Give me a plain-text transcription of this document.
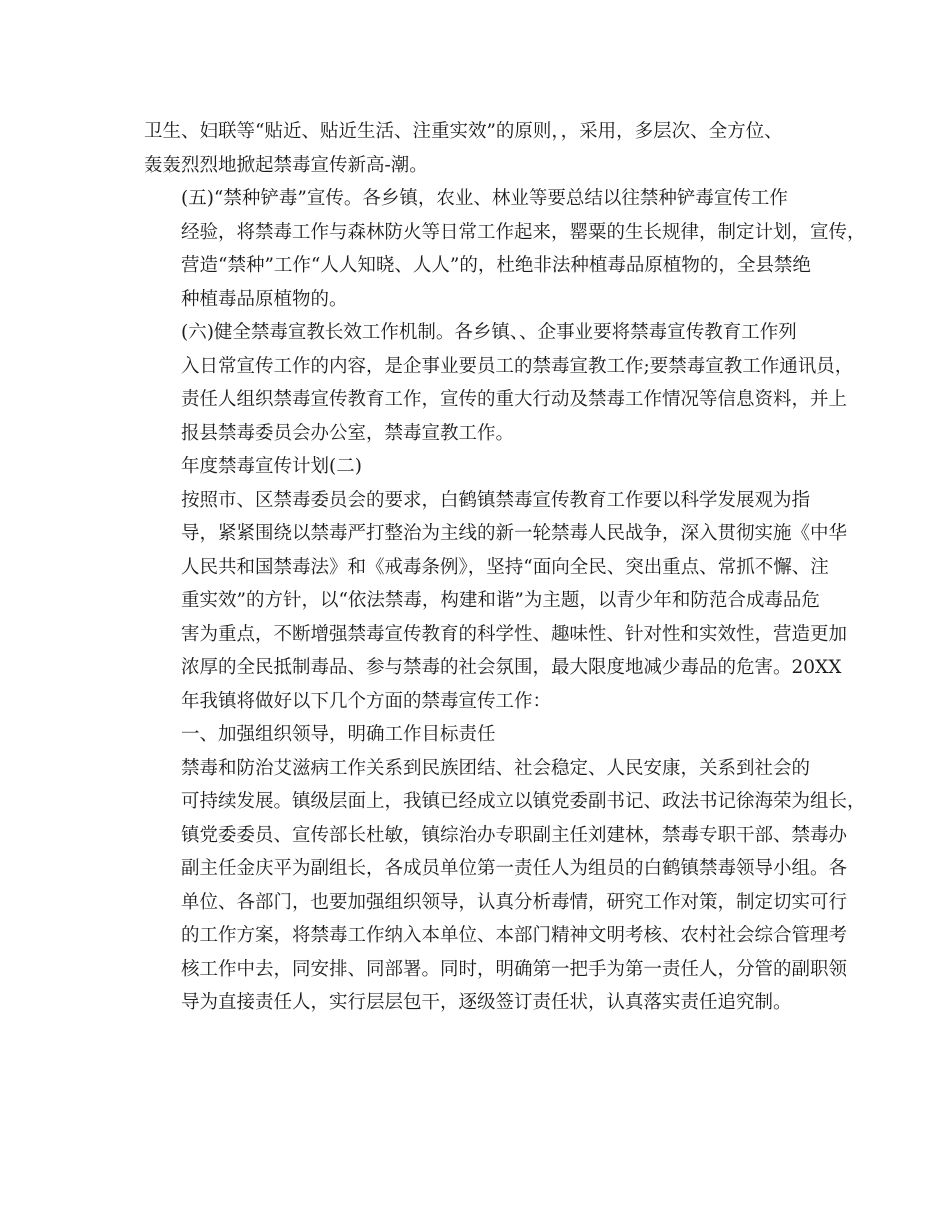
卫生、妇联等“贴近、贴近生活、注重实效”的原则，，采用，多层次、全方位、
轰轰烈烈地掀起禁毒宣传新高-潮。

(五)“禁种铲毒”宣传。各乡镇，农业、林业等要总结以往禁种铲毒宣传工作
经验，将禁毒工作与森林防火等日常工作起来，罂粟的生长规律，制定计划，宣传，
营造“禁种”工作“人人知晓、人人”的，杜绝非法种植毒品原植物的，全县禁绝
种植毒品原植物的。

(六)健全禁毒宣教长效工作机制。各乡镇、、企事业要将禁毒宣传教育工作列
入日常宣传工作的内容，是企事业要员工的禁毒宣教工作;要禁毒宣教工作通讯员，
责任人组织禁毒宣传教育工作，宣传的重大行动及禁毒工作情况等信息资料，并上
报县禁毒委员会办公室，禁毒宣教工作。

年度禁毒宣传计划(二)

按照市、区禁毒委员会的要求，白鹤镇禁毒宣传教育工作要以科学发展观为指
导，紧紧围绕以禁毒严打整治为主线的新一轮禁毒人民战争，深入贯彻实施《中华
人民共和国禁毒法》和《戒毒条例》，坚持“面向全民、突出重点、常抓不懈、注
重实效”的方针，以“依法禁毒，构建和谐”为主题，以青少年和防范合成毒品危
害为重点，不断增强禁毒宣传教育的科学性、趣味性、针对性和实效性，营造更加
浓厚的全民抵制毒品、参与禁毒的社会氛围，最大限度地减少毒品的危害。20XX
年我镇将做好以下几个方面的禁毒宣传工作：

一、加强组织领导，明确工作目标责任

禁毒和防治艾滋病工作关系到民族团结、社会稳定、人民安康，关系到社会的
可持续发展。镇级层面上，我镇已经成立以镇党委副书记、政法书记徐海荣为组长，
镇党委委员、宣传部长杜敏，镇综治办专职副主任刘建林，禁毒专职干部、禁毒办
副主任金庆平为副组长，各成员单位第一责任人为组员的白鹤镇禁毒领导小组。各
单位、各部门，也要加强组织领导，认真分析毒情，研究工作对策，制定切实可行
的工作方案，将禁毒工作纳入本单位、本部门精神文明考核、农村社会综合管理考
核工作中去，同安排、同部署。同时，明确第一把手为第一责任人，分管的副职领
导为直接责任人，实行层层包干，逐级签订责任状，认真落实责任追究制。
